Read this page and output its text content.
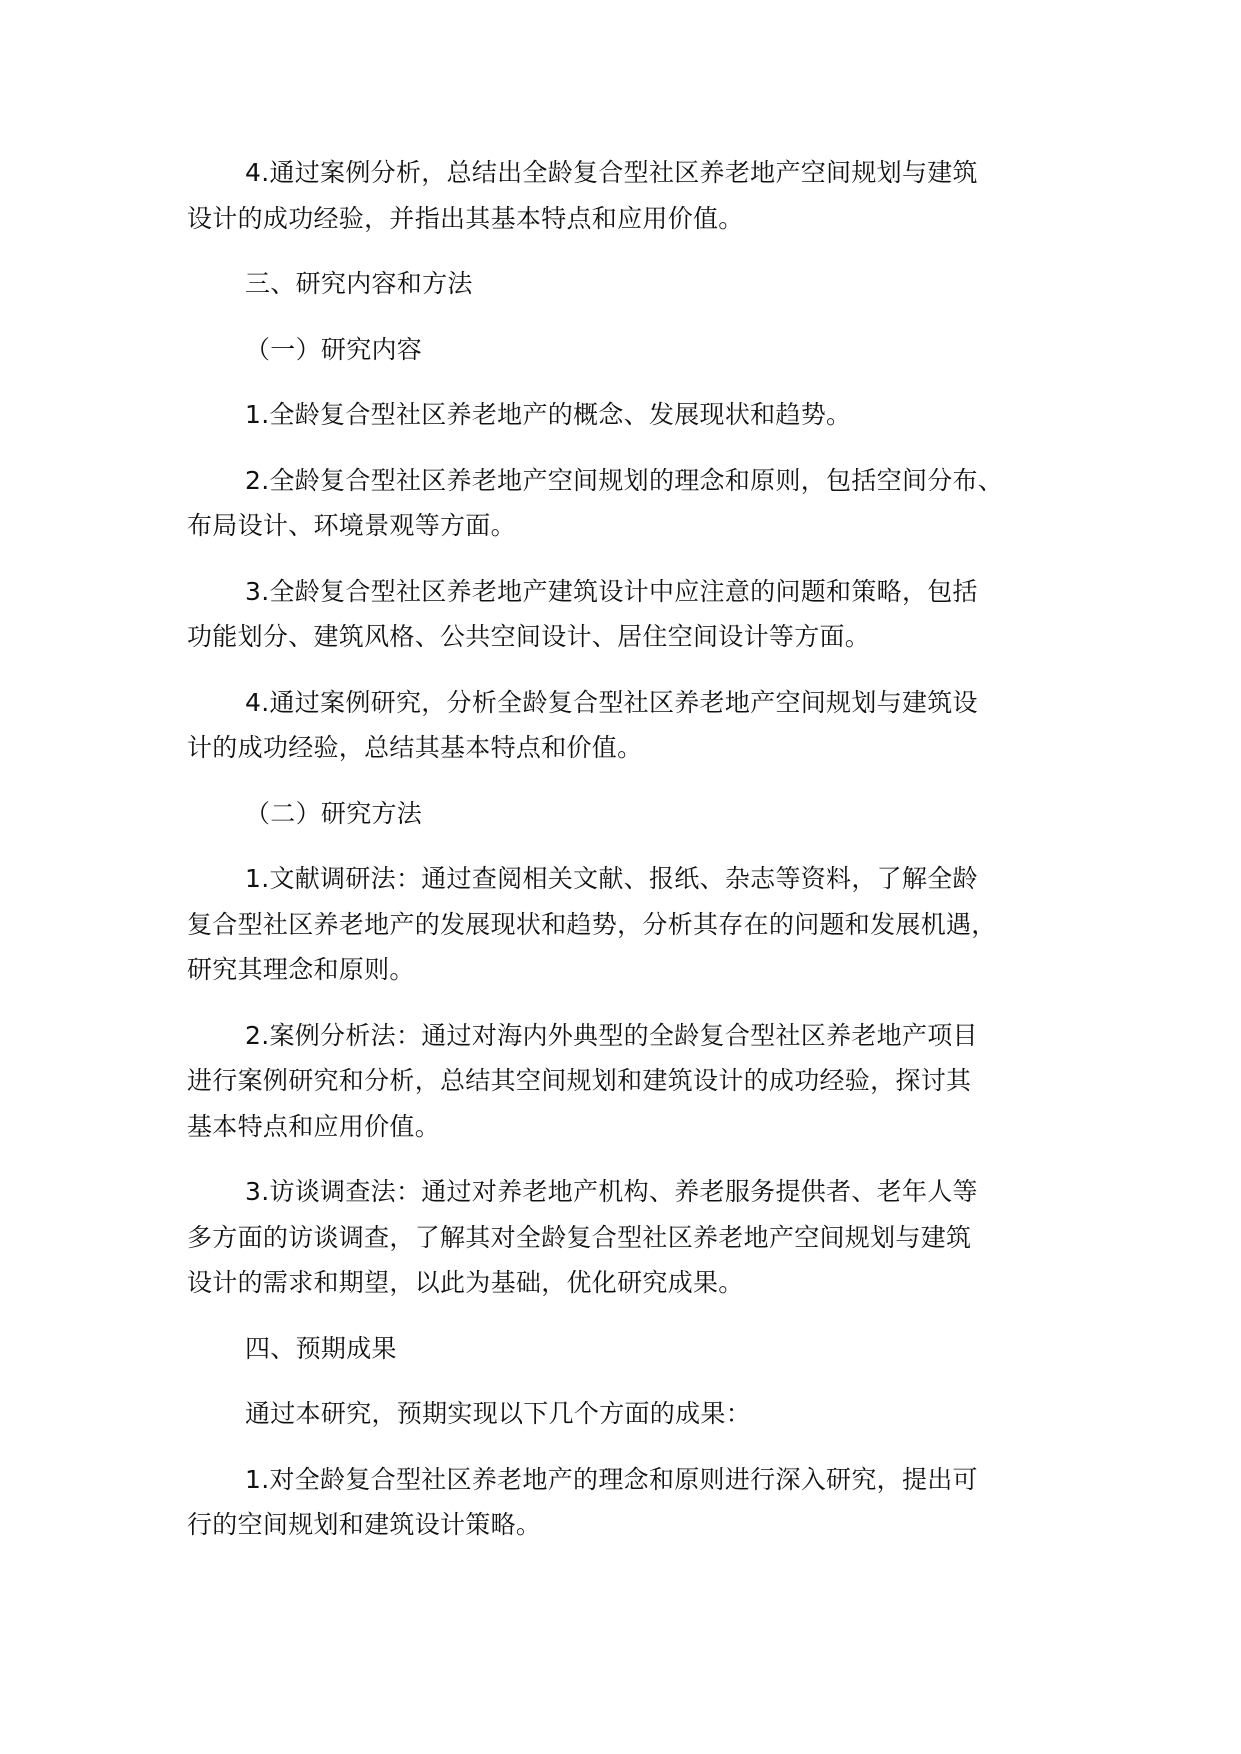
4.通过案例分析，总结出全龄复合型社区养老地产空间规划与建筑
设计的成功经验，并指出其基本特点和应用价值。

三、研究内容和方法

（一）研究内容

1.全龄复合型社区养老地产的概念、发展现状和趋势。

2.全龄复合型社区养老地产空间规划的理念和原则，包括空间分布、
布局设计、环境景观等方面。

3.全龄复合型社区养老地产建筑设计中应注意的问题和策略，包括
功能划分、建筑风格、公共空间设计、居住空间设计等方面。

4.通过案例研究，分析全龄复合型社区养老地产空间规划与建筑设
计的成功经验，总结其基本特点和价值。

（二）研究方法

1.文献调研法：通过查阅相关文献、报纸、杂志等资料，了解全龄
复合型社区养老地产的发展现状和趋势，分析其存在的问题和发展机遇，
研究其理念和原则。

2.案例分析法：通过对海内外典型的全龄复合型社区养老地产项目
进行案例研究和分析，总结其空间规划和建筑设计的成功经验，探讨其
基本特点和应用价值。

3.访谈调查法：通过对养老地产机构、养老服务提供者、老年人等
多方面的访谈调查，了解其对全龄复合型社区养老地产空间规划与建筑
设计的需求和期望，以此为基础，优化研究成果。

四、预期成果

通过本研究，预期实现以下几个方面的成果：

1.对全龄复合型社区养老地产的理念和原则进行深入研究，提出可
行的空间规划和建筑设计策略。
